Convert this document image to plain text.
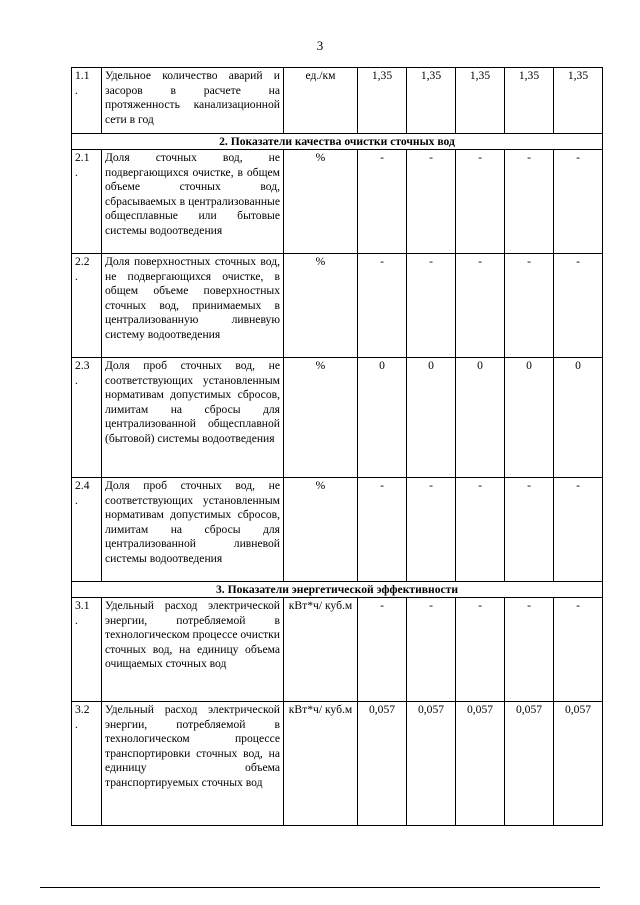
3
1.1
.	Удельное количество аварий и засоров в расчете на протяженность канализационной сети в год	ед./км	1,35	1,35	1,35	1,35	1,35
2. Показатели качества очистки сточных вод							
2.1
.	Доля сточных вод, не подвергающихся очистке, в общем объеме сточных вод, сбрасываемых в централизованные общесплавные или бытовые системы водоотведения	%	-	-	-	-	-
2.2
.	Доля поверхностных сточных вод, не подвергающихся очистке, в общем объеме поверхностных сточных вод, принимаемых в централизованную ливневую систему водоотведения	%	-	-	-	-	-
2.3
.	Доля проб сточных вод, не соответствующих установленным нормативам допустимых сбросов, лимитам на сбросы для централизованной общесплавной (бытовой) системы водоотведения	%	0	0	0	0	0
2.4
.	Доля проб сточных вод, не соответствующих установленным нормативам допустимых сбросов, лимитам на сбросы для централизованной ливневой системы водоотведения	%	-	-	-	-	-
3. Показатели энергетической эффективности							
3.1
.	Удельный расход электрической энергии, потребляемой в технологическом процессе очистки сточных вод, на единицу объема очищаемых сточных вод	кВт*ч/ куб.м	-	-	-	-	-
3.2
.	Удельный расход электрической энергии, потребляемой в технологическом процессе транспортировки сточных вод, на единицу объема транспортируемых сточных вод	кВт*ч/ куб.м	0,057	0,057	0,057	0,057	0,057
